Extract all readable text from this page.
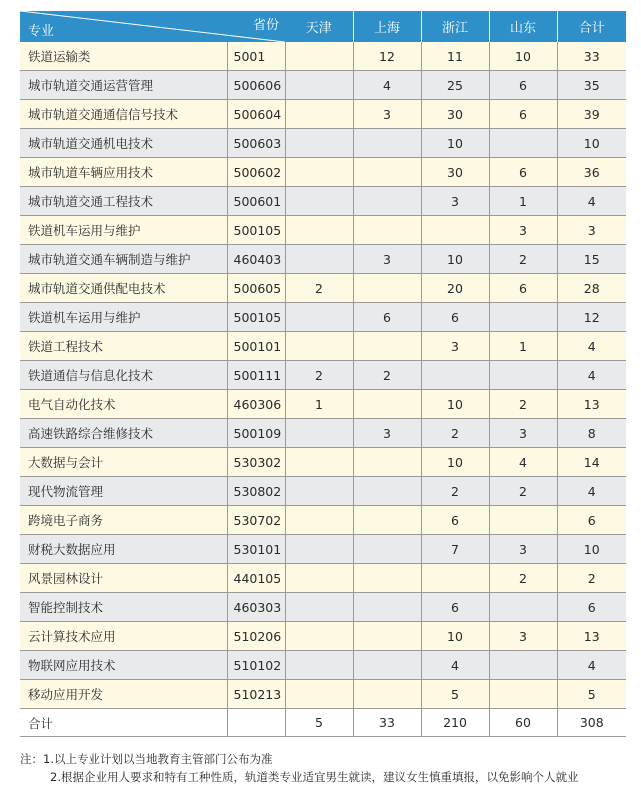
专业 省份		天津	上海	浙江	山东	合计
铁道运输类	5001		12	11	10	33
城市轨道交通运营管理	500606		4	25	6	35
城市轨道交通通信信号技术	500604		3	30	6	39
城市轨道交通机电技术	500603			10		10
城市轨道车辆应用技术	500602			30	6	36
城市轨道交通工程技术	500601			3	1	4
铁道机车运用与维护	500105				3	3
城市轨道交通车辆制造与维护	460403		3	10	2	15
城市轨道交通供配电技术	500605	2		20	6	28
铁道机车运用与维护	500105		6	6		12
铁道工程技术	500101			3	1	4
铁道通信与信息化技术	500111	2	2			4
电气自动化技术	460306	1		10	2	13
高速铁路综合维修技术	500109		3	2	3	8
大数据与会计	530302			10	4	14
现代物流管理	530802			2	2	4
跨境电子商务	530702			6		6
财税大数据应用	530101			7	3	10
风景园林设计	440105				2	2
智能控制技术	460303			6		6
云计算技术应用	510206			10	3	13
物联网应用技术	510102			4		4
移动应用开发	510213			5		5
合计		5	33	210	60	308
注：1.以上专业计划以当地教育主管部门公布为准
2.根据企业用人要求和特有工种性质，轨道类专业适宜男生就读，建议女生慎重填报，以免影响个人就业
